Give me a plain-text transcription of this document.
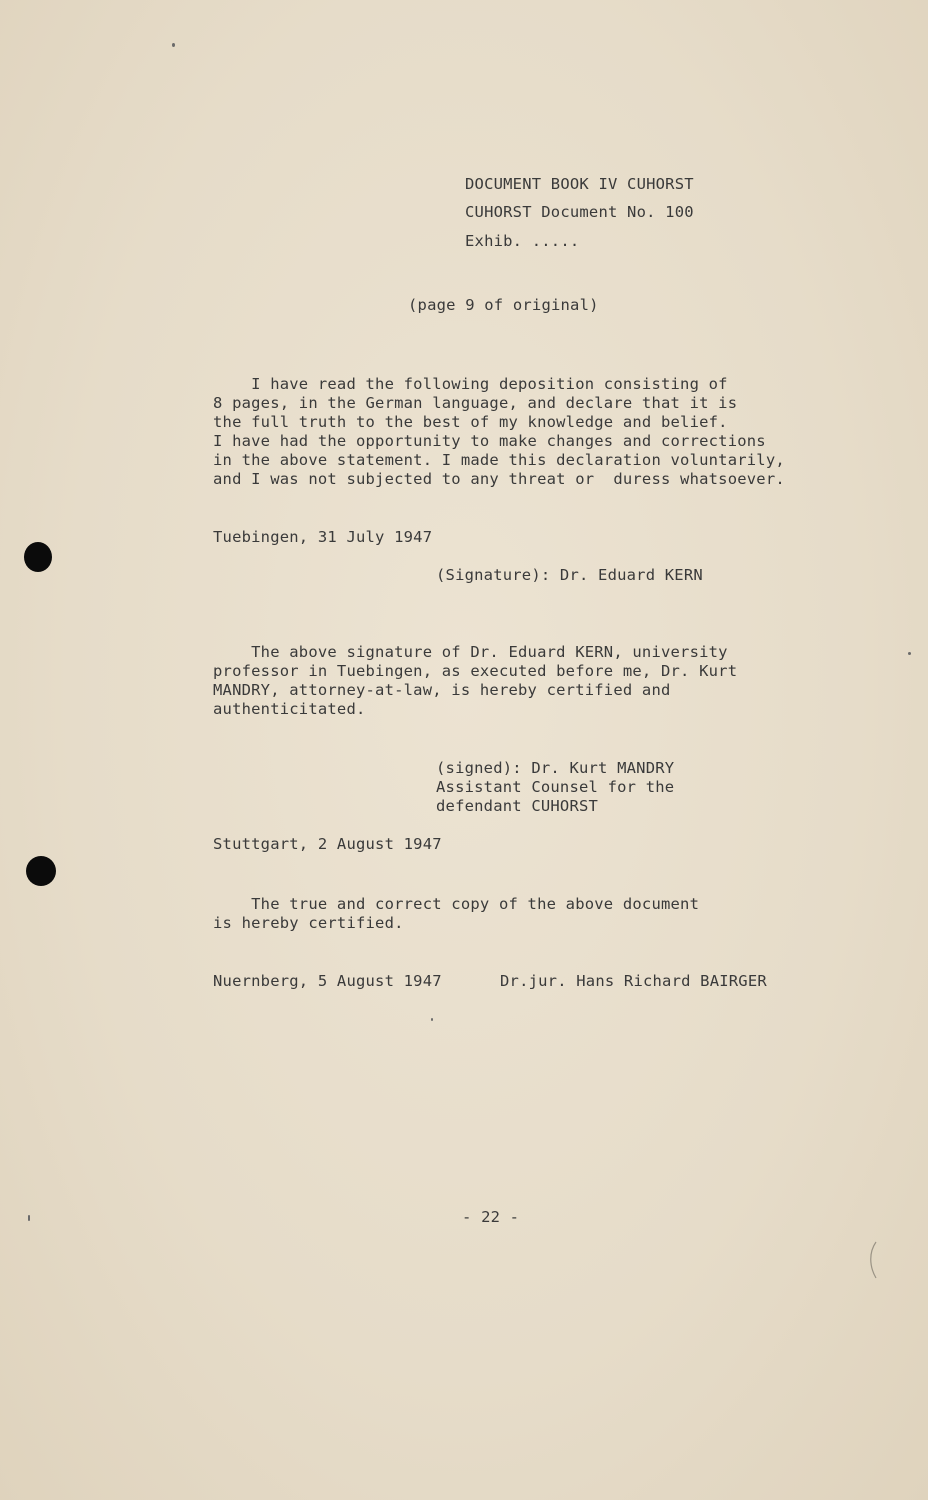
DOCUMENT BOOK IV CUHORST
CUHORST Document No. 100
Exhib. .....
(page 9 of original)
I have read the following deposition consisting of
8 pages, in the German language, and declare that it is
the full truth to the best of my knowledge and belief.
I have had the opportunity to make changes and corrections
in the above statement. I made this declaration voluntarily,
and I was not subjected to any threat or  duress whatsoever.
Tuebingen, 31 July 1947
(Signature): Dr. Eduard KERN
The above signature of Dr. Eduard KERN, university
professor in Tuebingen, as executed before me, Dr. Kurt
MANDRY, attorney-at-law, is hereby certified and
authenticitated.
(signed): Dr. Kurt MANDRY
Assistant Counsel for the
defendant CUHORST
Stuttgart, 2 August 1947
The true and correct copy of the above document
is hereby certified.
Nuernberg, 5 August 1947	Dr.jur. Hans Richard BAIRGER
- 22 -
